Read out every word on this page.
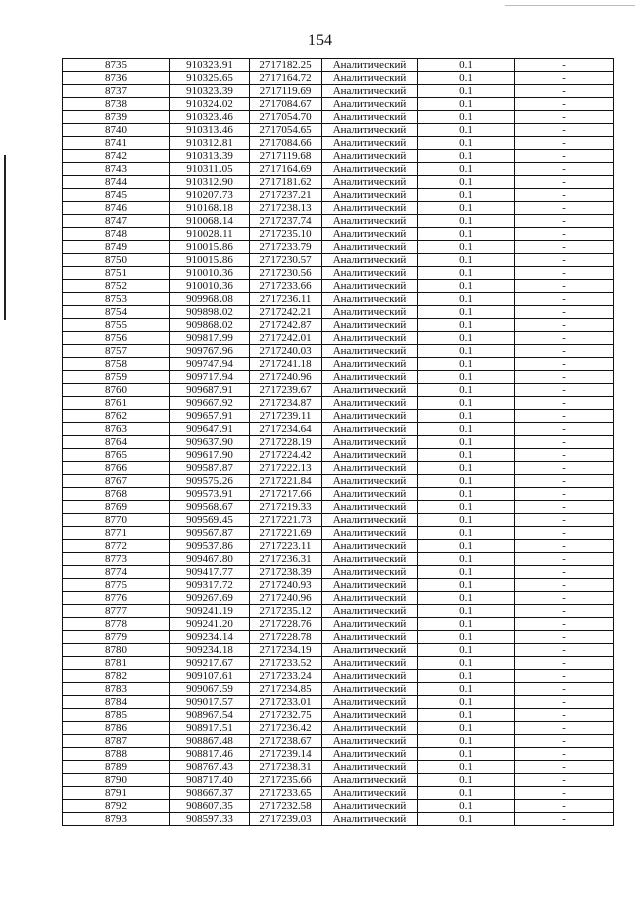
154
8735	910323.91	2717182.25	Аналитический	0.1	-
8736	910325.65	2717164.72	Аналитический	0.1	-
8737	910323.39	2717119.69	Аналитический	0.1	-
8738	910324.02	2717084.67	Аналитический	0.1	-
8739	910323.46	2717054.70	Аналитический	0.1	-
8740	910313.46	2717054.65	Аналитический	0.1	-
8741	910312.81	2717084.66	Аналитический	0.1	-
8742	910313.39	2717119.68	Аналитический	0.1	-
8743	910311.05	2717164.69	Аналитический	0.1	-
8744	910312.90	2717181.62	Аналитический	0.1	-
8745	910207.73	2717237.21	Аналитический	0.1	-
8746	910168.18	2717238.13	Аналитический	0.1	-
8747	910068.14	2717237.74	Аналитический	0.1	-
8748	910028.11	2717235.10	Аналитический	0.1	-
8749	910015.86	2717233.79	Аналитический	0.1	-
8750	910015.86	2717230.57	Аналитический	0.1	-
8751	910010.36	2717230.56	Аналитический	0.1	-
8752	910010.36	2717233.66	Аналитический	0.1	-
8753	909968.08	2717236.11	Аналитический	0.1	-
8754	909898.02	2717242.21	Аналитический	0.1	-
8755	909868.02	2717242.87	Аналитический	0.1	-
8756	909817.99	2717242.01	Аналитический	0.1	-
8757	909767.96	2717240.03	Аналитический	0.1	-
8758	909747.94	2717241.18	Аналитический	0.1	-
8759	909717.94	2717240.96	Аналитический	0.1	-
8760	909687.91	2717239.67	Аналитический	0.1	-
8761	909667.92	2717234.87	Аналитический	0.1	-
8762	909657.91	2717239.11	Аналитический	0.1	-
8763	909647.91	2717234.64	Аналитический	0.1	-
8764	909637.90	2717228.19	Аналитический	0.1	-
8765	909617.90	2717224.42	Аналитический	0.1	-
8766	909587.87	2717222.13	Аналитический	0.1	-
8767	909575.26	2717221.84	Аналитический	0.1	-
8768	909573.91	2717217.66	Аналитический	0.1	-
8769	909568.67	2717219.33	Аналитический	0.1	-
8770	909569.45	2717221.73	Аналитический	0.1	-
8771	909567.87	2717221.69	Аналитический	0.1	-
8772	909537.86	2717223.11	Аналитический	0.1	-
8773	909467.80	2717236.31	Аналитический	0.1	-
8774	909417.77	2717238.39	Аналитический	0.1	-
8775	909317.72	2717240.93	Аналитический	0.1	-
8776	909267.69	2717240.96	Аналитический	0.1	-
8777	909241.19	2717235.12	Аналитический	0.1	-
8778	909241.20	2717228.76	Аналитический	0.1	-
8779	909234.14	2717228.78	Аналитический	0.1	-
8780	909234.18	2717234.19	Аналитический	0.1	-
8781	909217.67	2717233.52	Аналитический	0.1	-
8782	909107.61	2717233.24	Аналитический	0.1	-
8783	909067.59	2717234.85	Аналитический	0.1	-
8784	909017.57	2717233.01	Аналитический	0.1	-
8785	908967.54	2717232.75	Аналитический	0.1	-
8786	908917.51	2717236.42	Аналитический	0.1	-
8787	908867.48	2717238.67	Аналитический	0.1	-
8788	908817.46	2717239.14	Аналитический	0.1	-
8789	908767.43	2717238.31	Аналитический	0.1	-
8790	908717.40	2717235.66	Аналитический	0.1	-
8791	908667.37	2717233.65	Аналитический	0.1	-
8792	908607.35	2717232.58	Аналитический	0.1	-
8793	908597.33	2717239.03	Аналитический	0.1	-
